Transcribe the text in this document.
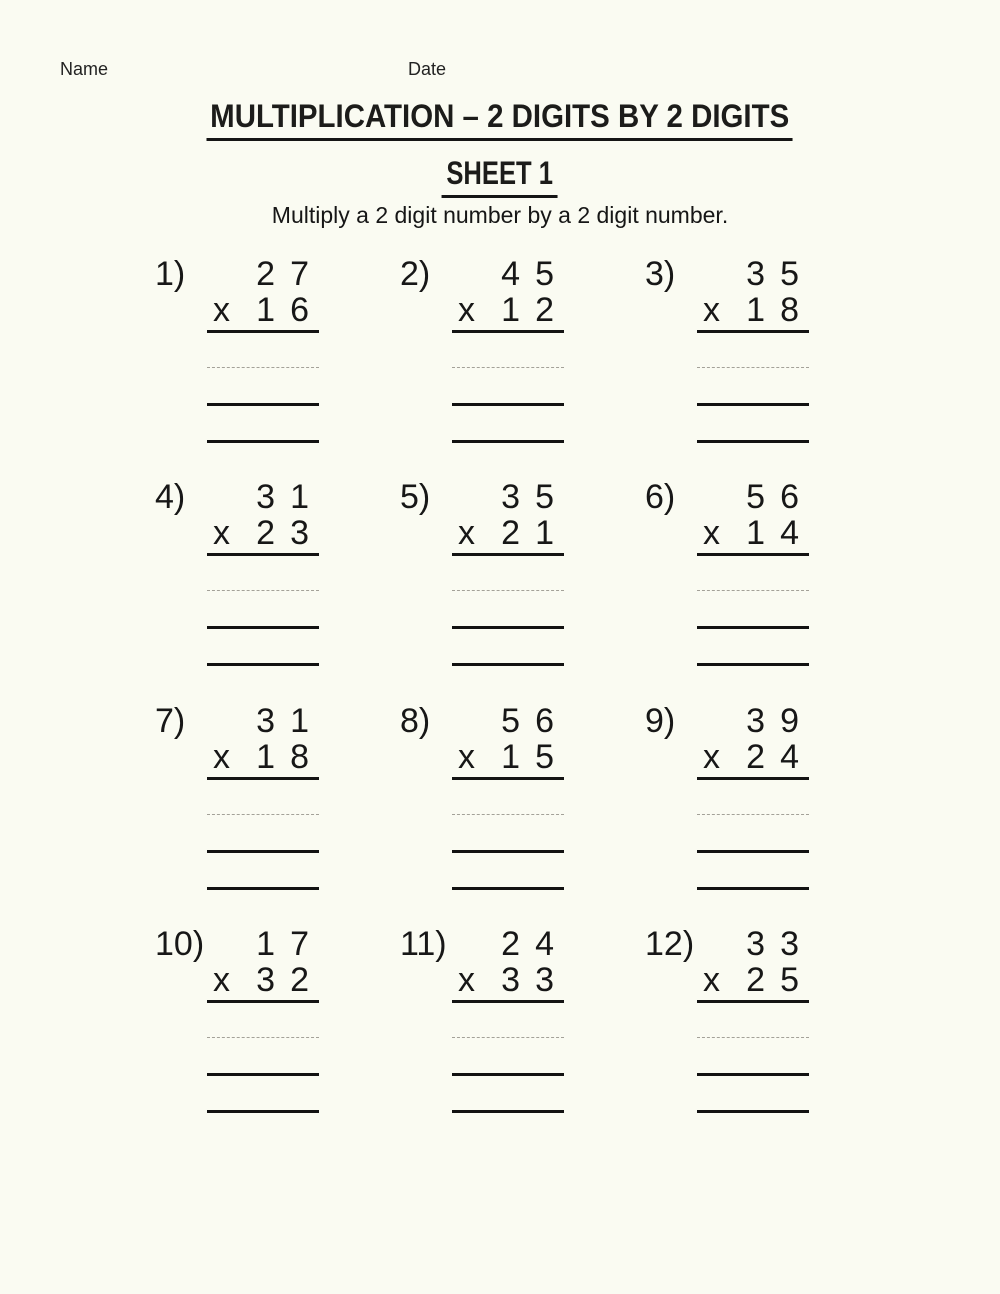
Name	Date
MULTIPLICATION – 2 DIGITS BY 2 DIGITS
SHEET 1
Multiply a 2 digit number by a 2 digit number.
1)	2 7
x 1 6
2)	4 5
x 1 2
3)	3 5
x 1 8
4)	3 1
x 2 3
5)	3 5
x 2 1
6)	5 6
x 1 4
7)	3 1
x 1 8
8)	5 6
x 1 5
9)	3 9
x 2 4
10) 1 7
x 3 2
11) 2 4
x 3 3
12) 3 3
x 2 5
